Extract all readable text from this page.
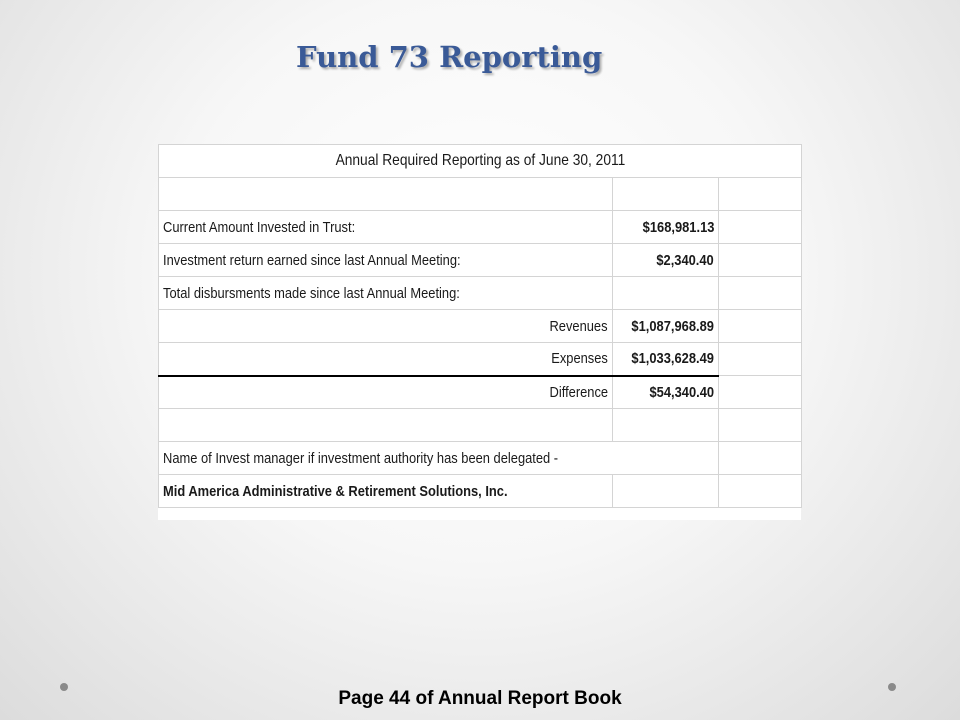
Fund 73 Reporting
Annual Required Reporting as of June 30, 2011		

Current Amount Invested in Trust:	$168,981.13	
Investment return earned since last Annual Meeting:	$2,340.40	
Total disbursments made since last Annual Meeting:		
Revenues	$1,087,968.89	
Expenses	$1,033,628.49	
Difference	$54,340.40	

Name of Invest manager if investment authority has been delegated -		
Mid America Administrative & Retirement Solutions, Inc.		
Page 44 of Annual Report Book
